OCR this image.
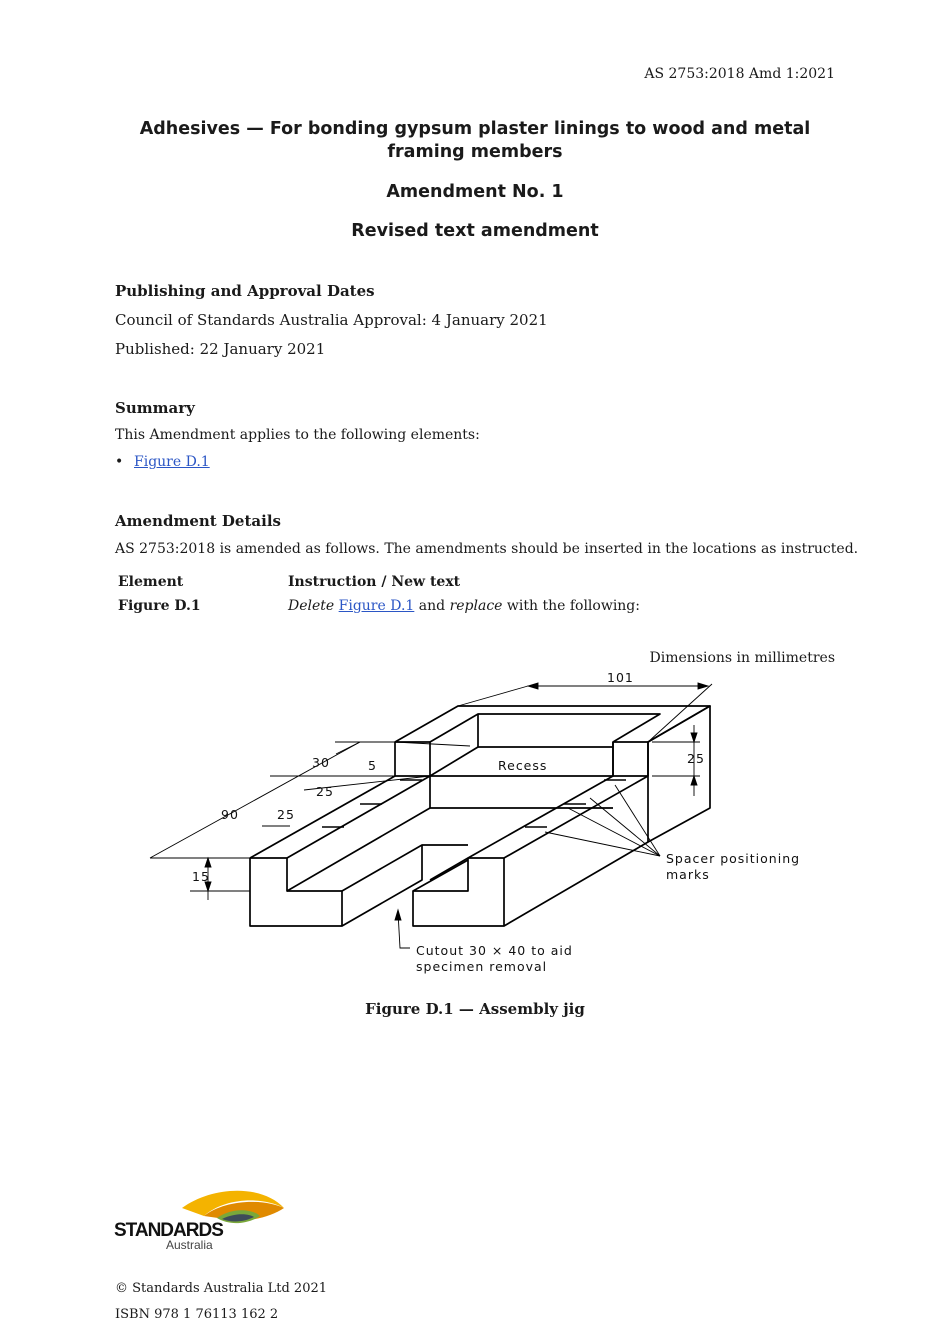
AS 2753:2018 Amd 1:2021
Adhesives — For bonding gypsum plaster linings to wood and metal
framing members
Amendment No. 1
Revised text amendment
Publishing and Approval Dates
Council of Standards Australia Approval: 4 January 2021
Published: 22 January 2021
Summary
This Amendment applies to the following elements:
• Figure D.1
Amendment Details
AS 2753:2018 is amended as follows. The amendments should be inserted in the locations as instructed.
Element	Instruction / New text
Figure D.1	Delete Figure D.1 and replace with the following:
Dimensions in millimetres
101
25
30	5	Recess
25
90	25
15
Spacer positioning
marks
Cutout 30 × 40 to aid
specimen removal
Figure D.1 — Assembly jig
STANDARDS
Australia
© Standards Australia Ltd 2021
ISBN 978 1 76113 162 2
